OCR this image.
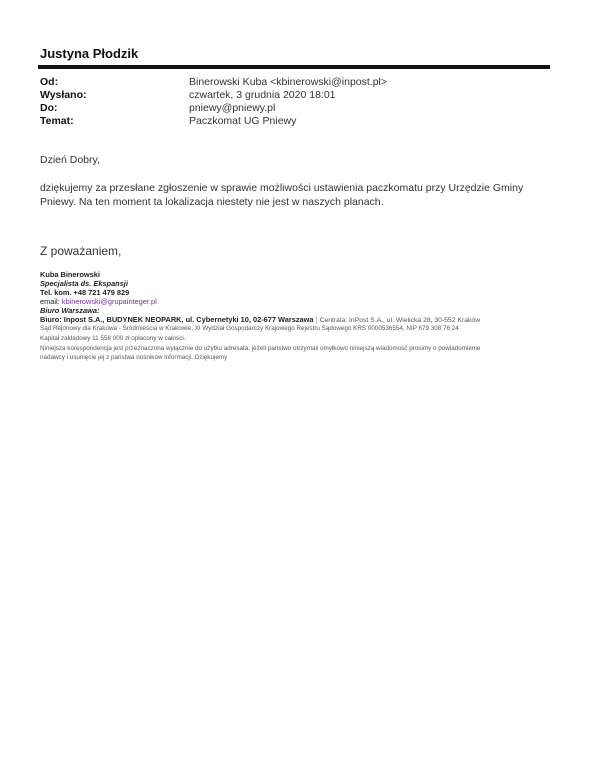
Justyna Płodzik
Od:	Binerowski Kuba <kbinerowski@inpost.pl>
Wysłano:	czwartek, 3 grudnia 2020 18:01
Do:	pniewy@pniewy.pl
Temat:	Paczkomat UG Pniewy
Dzień Dobry,
dziękujemy za przesłane zgłoszenie w sprawie możliwości ustawienia paczkomatu przy Urzędzie Gminy Pniewy. Na ten moment ta lokalizacja niestety nie jest w naszych planach.
Z poważaniem,
Kuba Binerowski
Specjalista ds. Ekspansji
Tel. kom. +48 721 479 829
email: kbinerowski@grupainteger.pl
Biuro Warszawa:
Biuro: Inpost S.A., BUDYNEK NEOPARK, ul. Cybernetyki 10, 02-677 Warszawa | Centrala: InPost S.A., ul. Wielicka 28, 30-552 Kraków
Sąd Rejonowy dla Krakowa - Śródmieścia w Krakowie, XI Wydział Gospodarczy Krajowego Rejestru Sądowego KRS 0000536554, NIP 679 308 76 24
Kapitał zakładowy 11 558 000 zł opłacony w całości.
Niniejsza korespondencja jest przeznaczona wyłącznie do użytku adresata, jeżeli państwo otrzymali omyłkowo niniejszą wiadomość prosimy o powiadomienie
nadawcy i usunięcie jej z państwa nośników informacji. Dziękujemy
